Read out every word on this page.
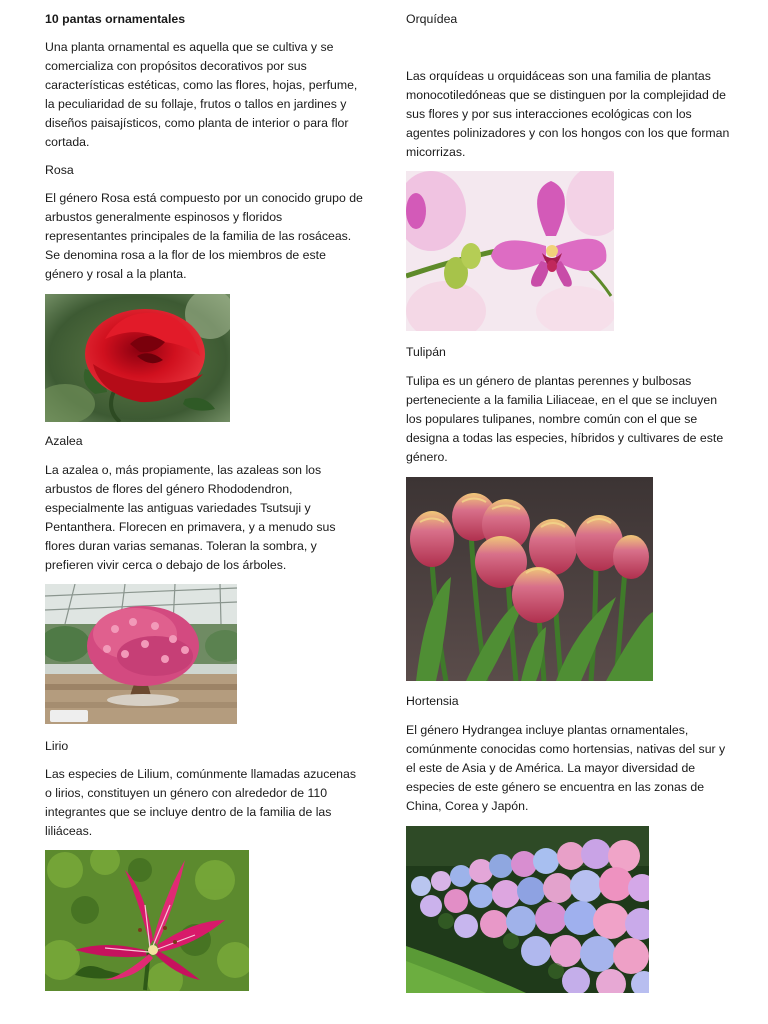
10 pantas ornamentales

Una planta ornamental es aquella que se cultiva y se comercializa con propósitos decorativos por sus características estéticas, como las flores, hojas, perfume, la peculiaridad de su follaje, frutos o tallos en jardines y diseños paisajísticos, como planta de interior o para flor cortada.

Rosa

El género Rosa está compuesto por un conocido grupo de arbustos generalmente espinosos y floridos representantes principales de la familia de las rosáceas. Se denomina rosa a la flor de los miembros de este género y rosal a la planta.

Azalea

La azalea o, más propiamente, las azaleas son los arbustos de flores del género Rhododendron, especialmente las antiguas variedades Tsutsuji y Pentanthera. Florecen en primavera, y a menudo sus flores duran varias semanas. Toleran la sombra, y prefieren vivir cerca o debajo de los árboles.

Lirio

Las especies de Lilium, comúnmente llamadas azucenas o lirios, constituyen un género con alrededor de 110 integrantes que se incluye dentro de la familia de las liliáceas.

Orquídea

Las orquídeas u orquidáceas son una familia de plantas monocotiledóneas que se distinguen por la complejidad de sus flores y por sus interacciones ecológicas con los agentes polinizadores y con los hongos con los que forman micorrizas.

Tulipán

Tulipa es un género de plantas perennes y bulbosas perteneciente a la familia Liliaceae, en el que se incluyen los populares tulipanes, nombre común con el que se designa a todas las especies, híbridos y cultivares de este género.

Hortensia

El género Hydrangea incluye plantas ornamentales, comúnmente conocidas como hortensias, nativas del sur y el este de Asia y de América. La mayor diversidad de especies de este género se encuentra en las zonas de China, Corea y Japón.
